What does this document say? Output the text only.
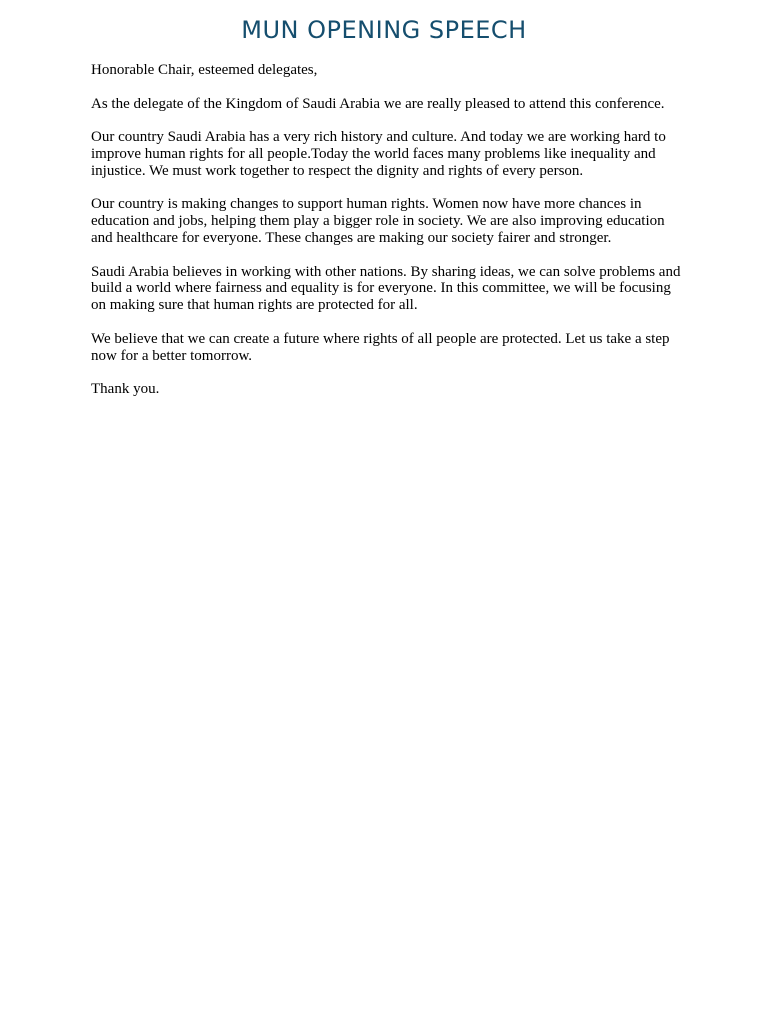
MUN OPENING SPEECH

Honorable Chair, esteemed delegates,

As the delegate of the Kingdom of Saudi Arabia we are really pleased to attend this conference.

Our country Saudi Arabia has a very rich history and culture. And today we are working hard to improve human rights for all people.Today the world faces many problems like inequality and injustice. We must work together to respect the dignity and rights of every person.

Our country is making changes to support human rights. Women now have more chances in education and jobs, helping them play a bigger role in society. We are also improving education and healthcare for everyone. These changes are making our society fairer and stronger.

Saudi Arabia believes in working with other nations. By sharing ideas, we can solve problems and build a world where fairness and equality is for everyone. In this committee, we will be focusing on making sure that human rights are protected for all.

We believe that we can create a future where rights of all people are protected. Let us take a step now for a better tomorrow.

Thank you.
